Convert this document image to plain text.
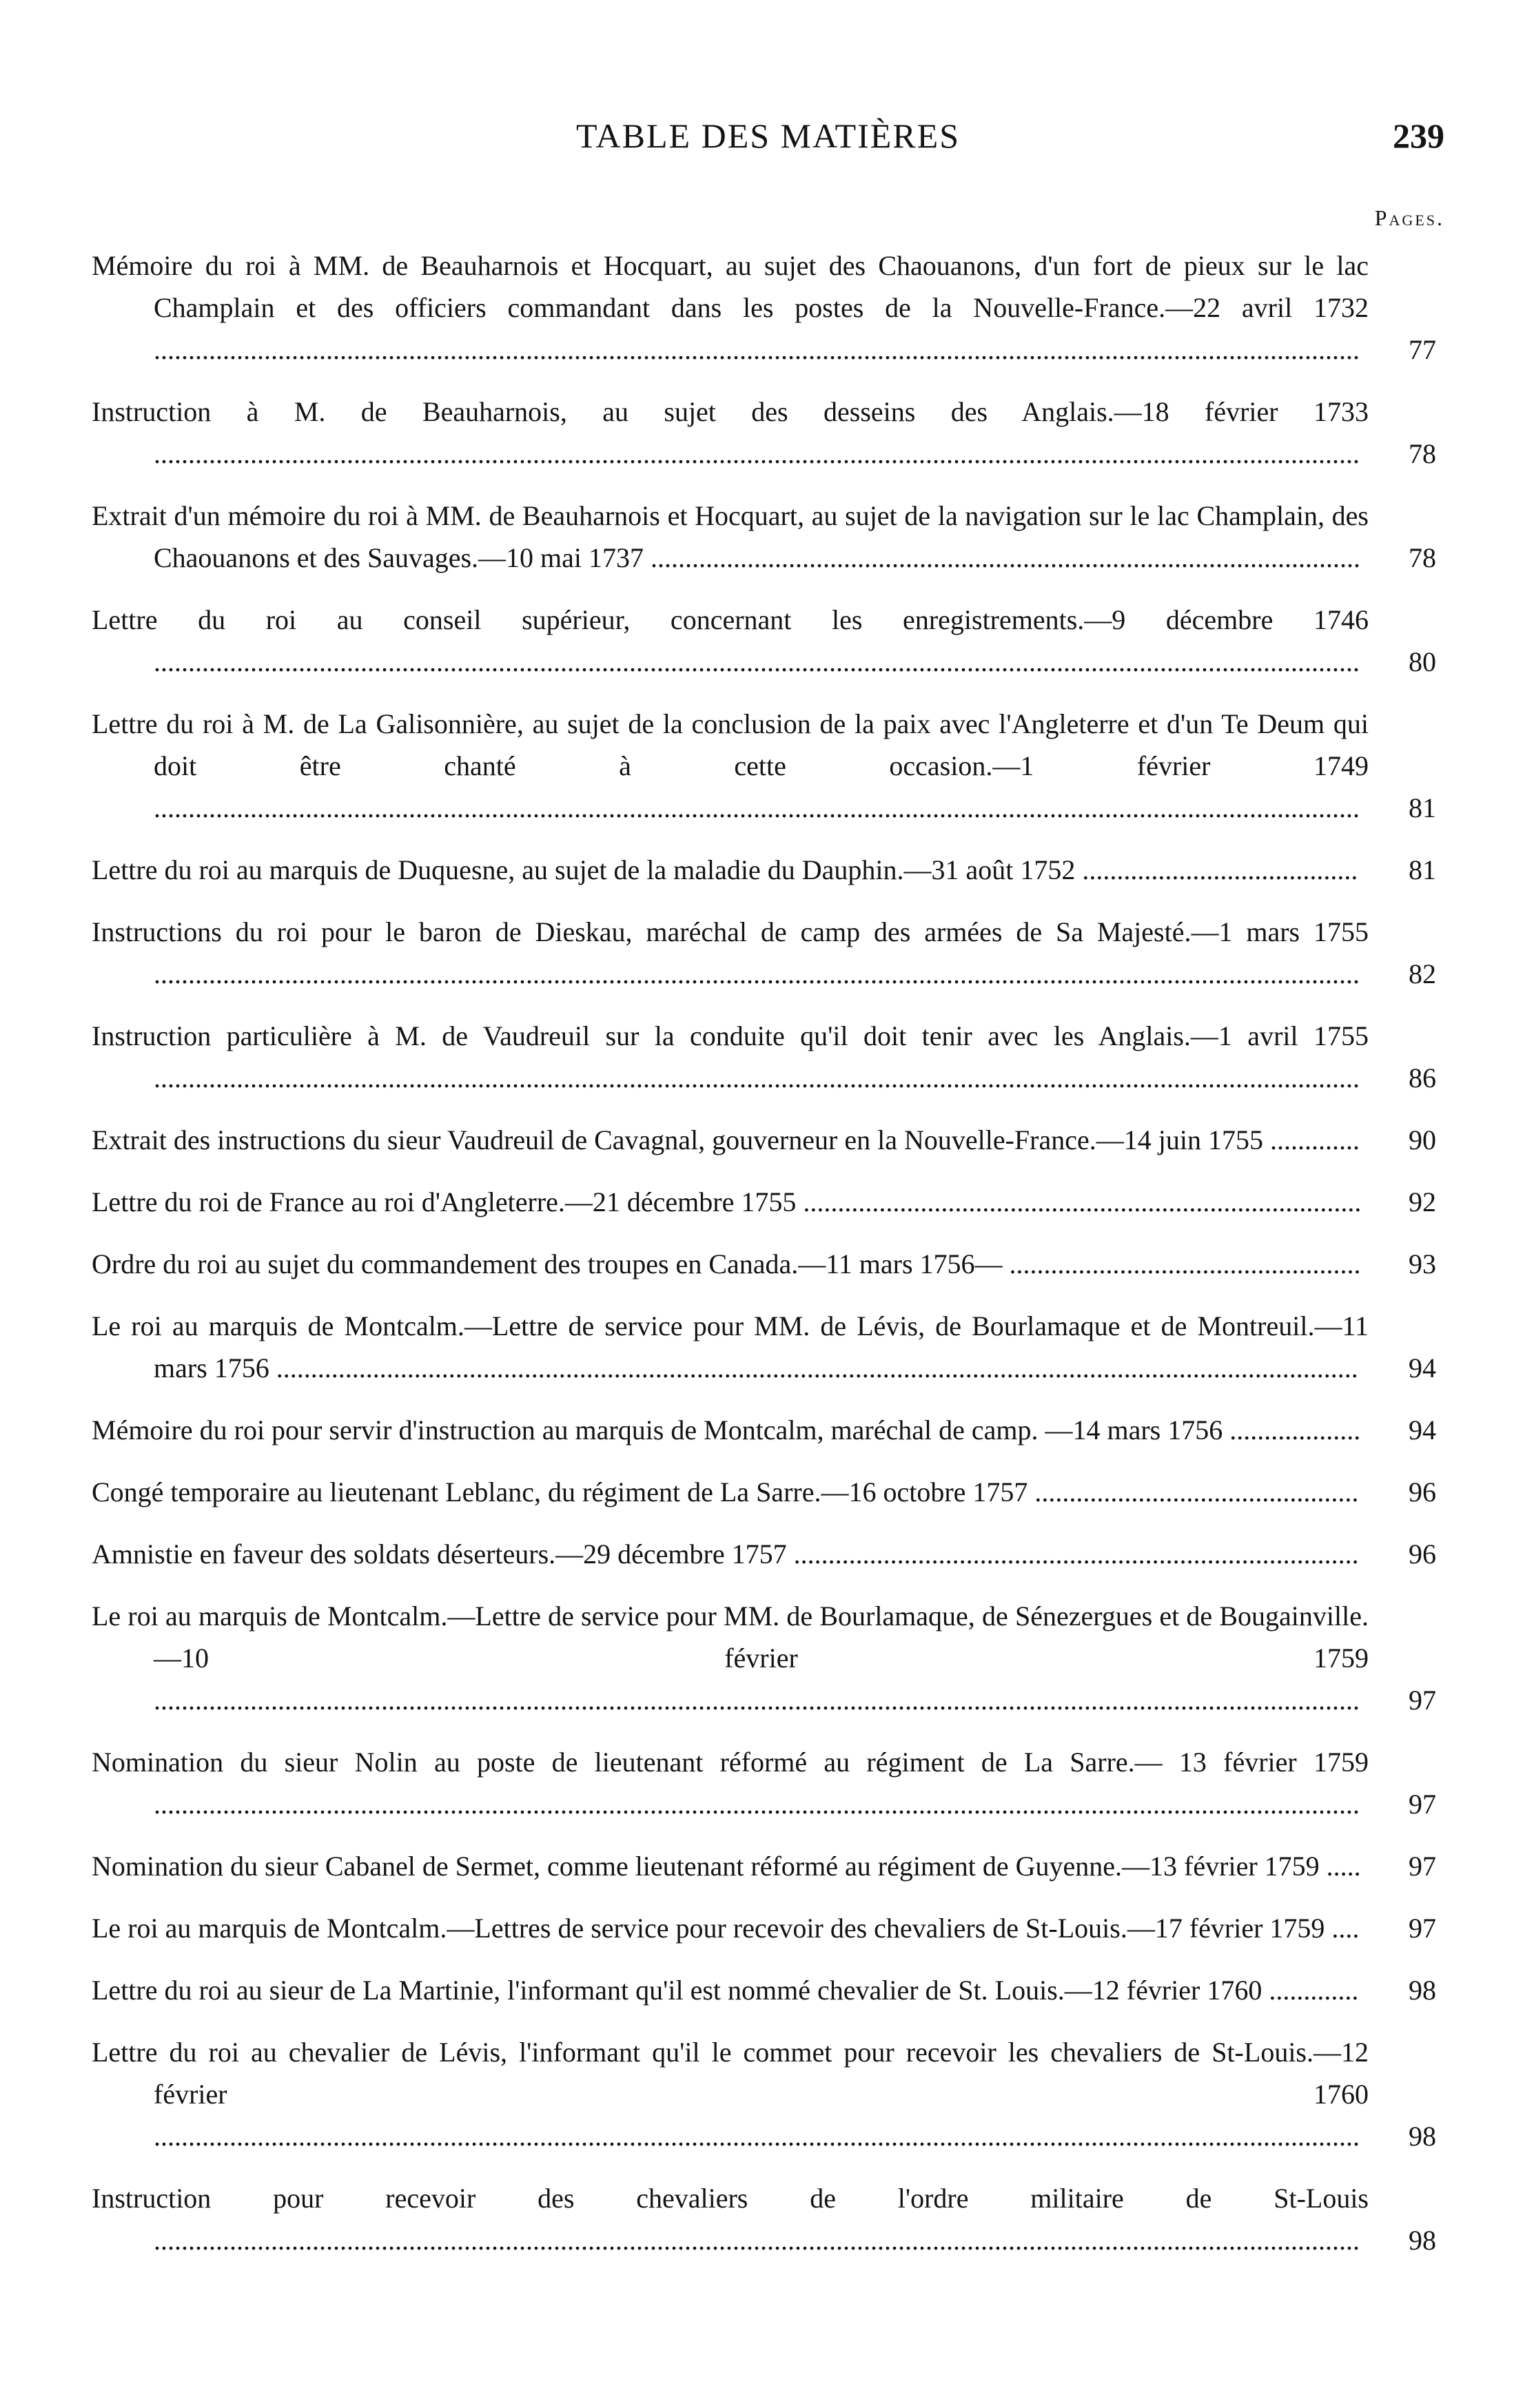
TABLE DES MATIÈRES	239
Pages.
Mémoire du roi à MM. de Beauharnois et Hocquart, au sujet des Chaouanons, d'un fort de pieux sur le lac Champlain et des officiers commandant dans les postes de la Nouvelle-France.—22 avril 1732 ............................................................................................................................................................................... 77
Instruction à M. de Beauharnois, au sujet des desseins des Anglais.—18 février 1733 ............................................................................................................................................................................... 78
Extrait d'un mémoire du roi à MM. de Beauharnois et Hocquart, au sujet de la navigation sur le lac Champlain, des Chaouanons et des Sauvages.—10 mai 1737 ....................................................................................................... 78
Lettre du roi au conseil supérieur, concernant les enregistrements.—9 décembre 1746 ............................................................................................................................................................................... 80
Lettre du roi à M. de La Galisonnière, au sujet de la conclusion de la paix avec l'Angleterre et d'un Te Deum qui doit être chanté à cette occasion.—1 février 1749 ............................................................................................................................................................................... 81
Lettre du roi au marquis de Duquesne, au sujet de la maladie du Dauphin.—31 août 1752 ........................................ 81
Instructions du roi pour le baron de Dieskau, maréchal de camp des armées de Sa Majesté.—1 mars 1755 ............................................................................................................................................................................... 82
Instruction particulière à M. de Vaudreuil sur la conduite qu'il doit tenir avec les Anglais.—1 avril 1755 ............................................................................................................................................................................... 86
Extrait des instructions du sieur Vaudreuil de Cavagnal, gouverneur en la Nouvelle-France.—14 juin 1755 ............. 90
Lettre du roi de France au roi d'Angleterre.—21 décembre 1755 ................................................................................. 92
Ordre du roi au sujet du commandement des troupes en Canada.—11 mars 1756— ................................................... 93
Le roi au marquis de Montcalm.—Lettre de service pour MM. de Lévis, de Bourlamaque et de Montreuil.—11 mars 1756 ............................................................................................................................................................. 94
Mémoire du roi pour servir d'instruction au marquis de Montcalm, maréchal de camp. —14 mars 1756 ................... 94
Congé temporaire au lieutenant Leblanc, du régiment de La Sarre.—16 octobre 1757 ............................................... 96
Amnistie en faveur des soldats déserteurs.—29 décembre 1757 .................................................................................. 96
Le roi au marquis de Montcalm.—Lettre de service pour MM. de Bourlamaque, de Sénezergues et de Bougainville.—10 février 1759 ............................................................................................................................................................................... 97
Nomination du sieur Nolin au poste de lieutenant réformé au régiment de La Sarre.— 13 février 1759 ............................................................................................................................................................................... 97
Nomination du sieur Cabanel de Sermet, comme lieutenant réformé au régiment de Guyenne.—13 février 1759 ..... 97
Le roi au marquis de Montcalm.—Lettres de service pour recevoir des chevaliers de St-Louis.—17 février 1759 .... 97
Lettre du roi au sieur de La Martinie, l'informant qu'il est nommé chevalier de St. Louis.—12 février 1760 ............. 98
Lettre du roi au chevalier de Lévis, l'informant qu'il le commet pour recevoir les chevaliers de St-Louis.—12 février 1760 ............................................................................................................................................................................... 98
Instruction pour recevoir des chevaliers de l'ordre militaire de St-Louis ............................................................................................................................................................................... 98
